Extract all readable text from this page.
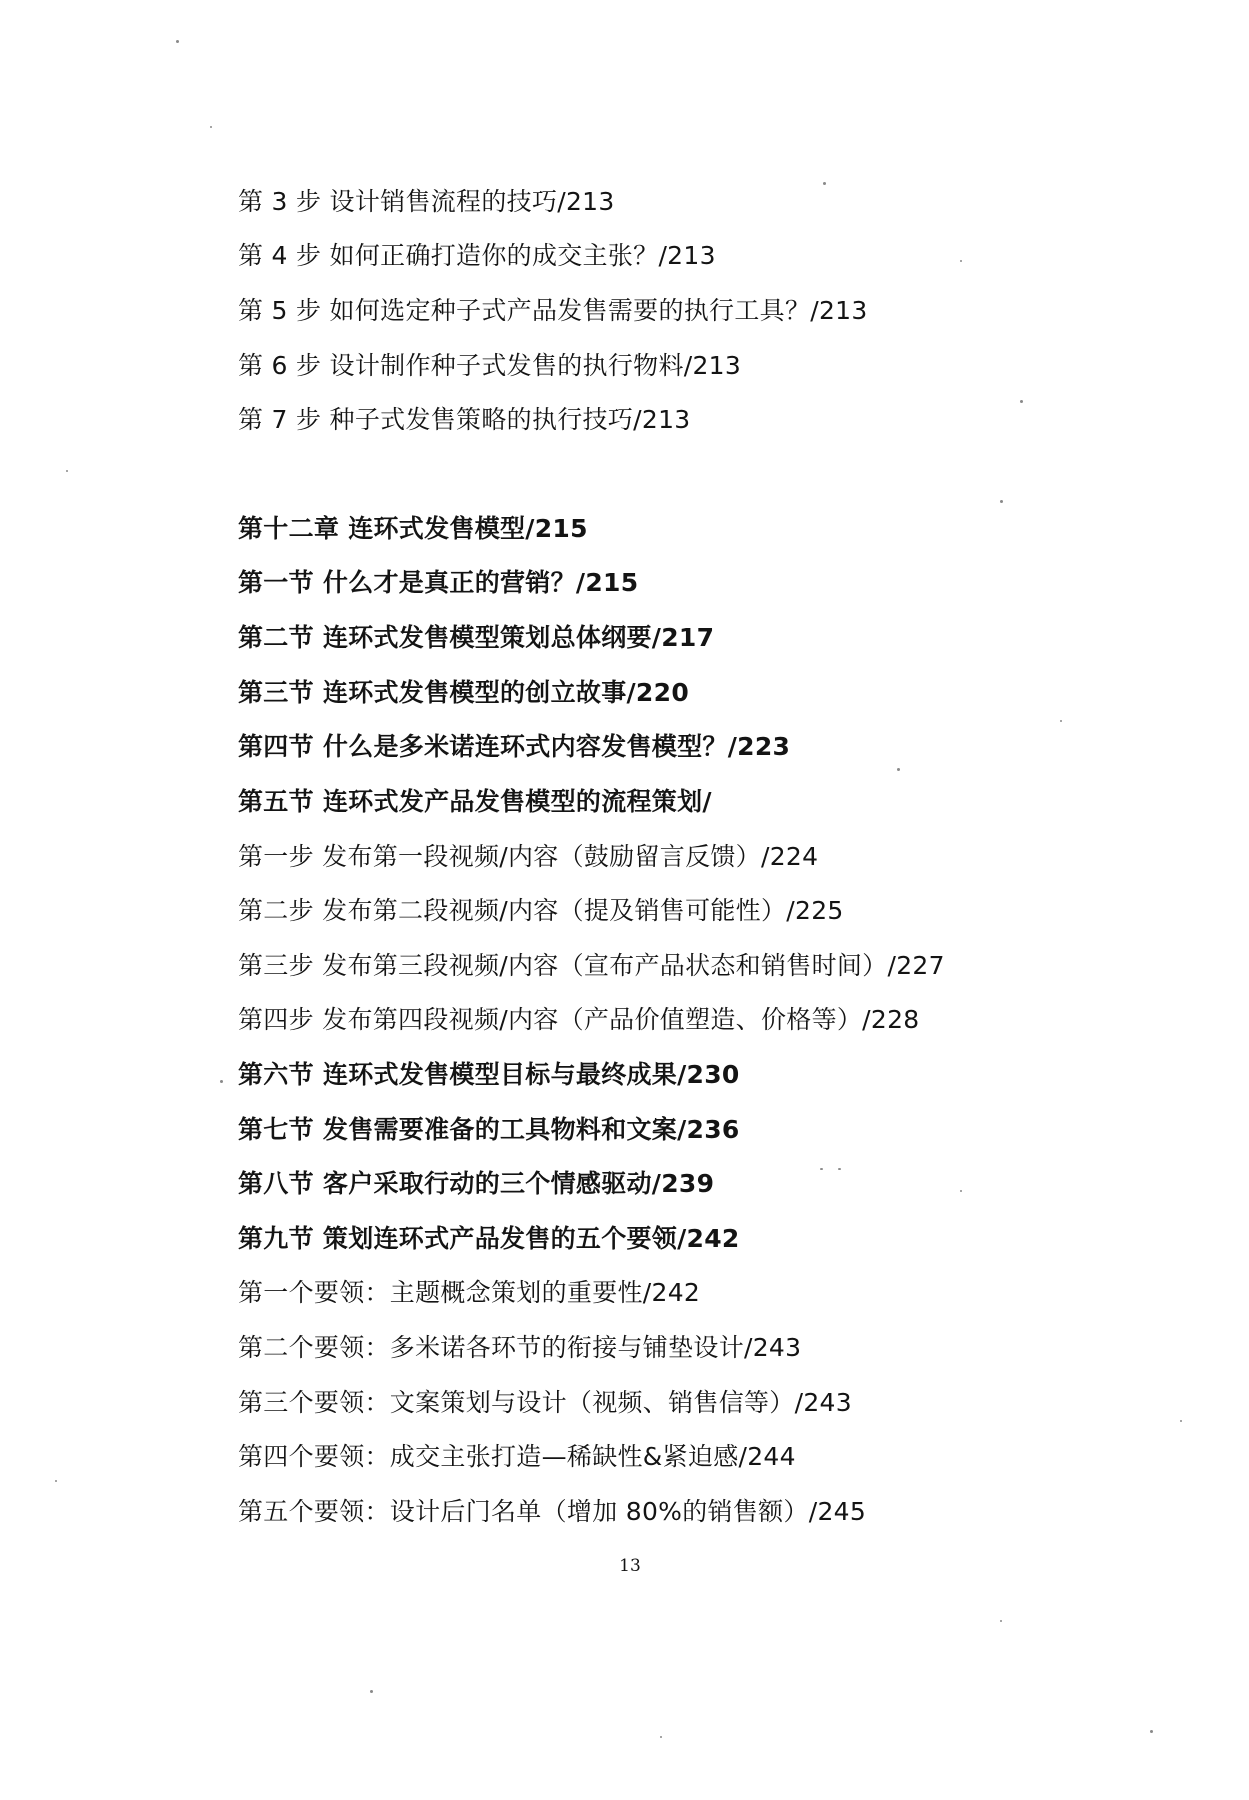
第 3 步 设计销售流程的技巧/213

第 4 步 如何正确打造你的成交主张？/213

第 5 步 如何选定种子式产品发售需要的执行工具？/213

第 6 步 设计制作种子式发售的执行物料/213

第 7 步 种子式发售策略的执行技巧/213

第十二章 连环式发售模型/215

第一节 什么才是真正的营销？/215

第二节 连环式发售模型策划总体纲要/217

第三节 连环式发售模型的创立故事/220

第四节 什么是多米诺连环式内容发售模型？/223

第五节 连环式发产品发售模型的流程策划/

第一步 发布第一段视频/内容（鼓励留言反馈）/224

第二步 发布第二段视频/内容（提及销售可能性）/225

第三步 发布第三段视频/内容（宣布产品状态和销售时间）/227

第四步 发布第四段视频/内容（产品价值塑造、价格等）/228

第六节 连环式发售模型目标与最终成果/230

第七节 发售需要准备的工具物料和文案/236

第八节 客户采取行动的三个情感驱动/239

第九节 策划连环式产品发售的五个要领/242

第一个要领：主题概念策划的重要性/242

第二个要领：多米诺各环节的衔接与铺垫设计/243

第三个要领：文案策划与设计（视频、销售信等）/243

第四个要领：成交主张打造—稀缺性&紧迫感/244

第五个要领：设计后门名单（增加 80%的销售额）/245

13
